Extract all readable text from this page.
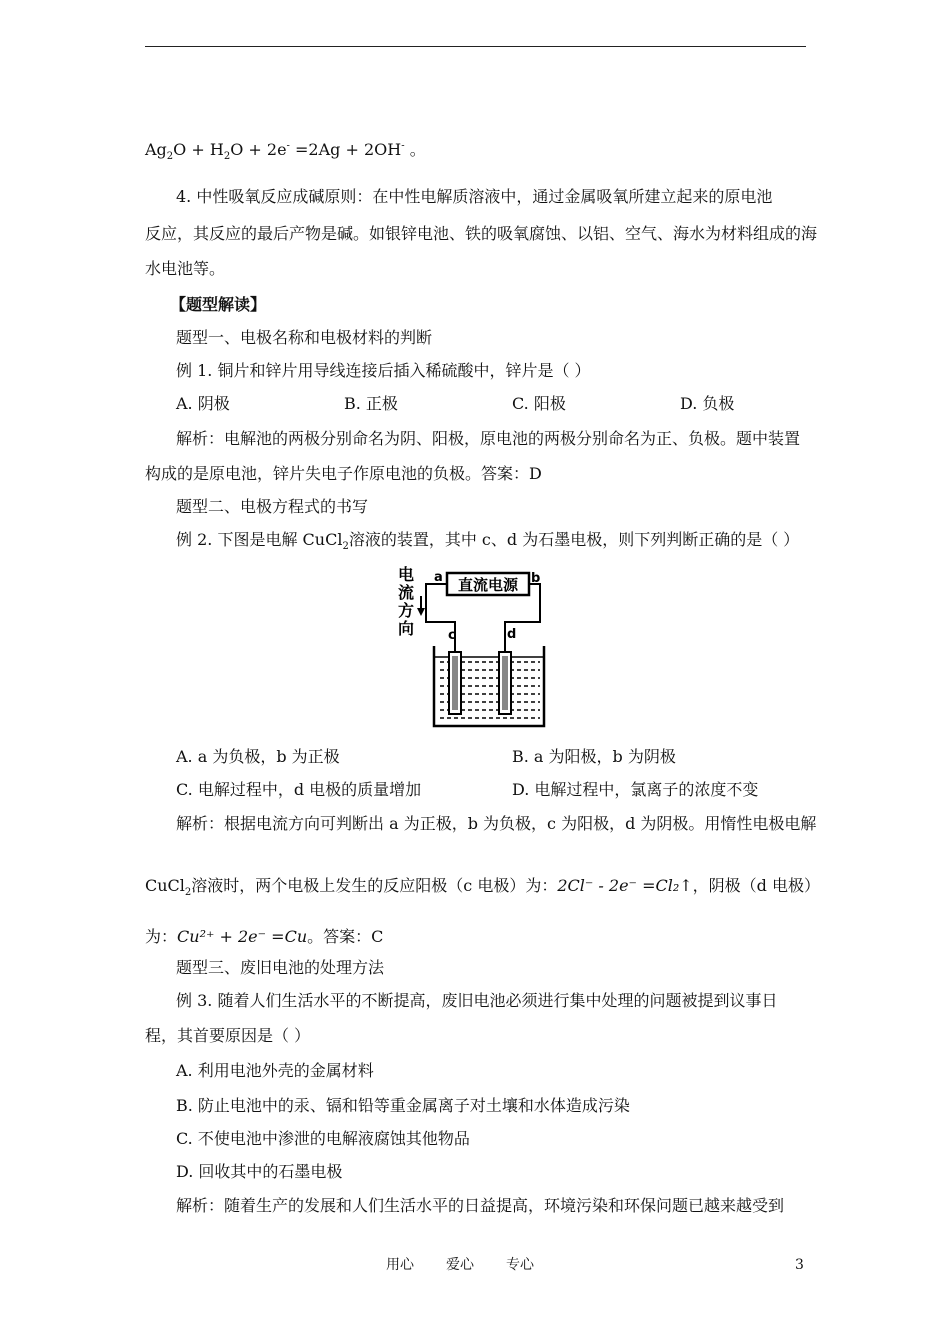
$Ag_2O + H_2O + 2e^- =2Ag + 2OH^-$ 。
4. 中性吸氧反应成碱原则：在中性电解质溶液中，通过金属吸氧所建立起来的原电池
反应，其反应的最后产物是碱。如银锌电池、铁的吸氧腐蚀、以铝、空气、海水为材料组成的海
水电池等。
【题型解读】
题型一、电极名称和电极材料的判断
例 1. 铜片和锌片用导线连接后插入稀硫酸中，锌片是（ ）
A. 阴极	B. 正极	C. 阳极	D. 负极
解析：电解池的两极分别命名为阴、阳极，原电池的两极分别命名为正、负极。题中装置
构成的是原电池，锌片失电子作原电池的负极。答案：D
题型二、电极方程式的书写
例 2. 下图是电解 CuCl$_2$溶液的装置，其中 c、d 为石墨电极，则下列判断正确的是（ ）
电
流
方
向
直流电源
a	b
c	d
A. a 为负极，b 为正极	B. a 为阳极，b 为阴极
C. 电解过程中，d 电极的质量增加	D. 电解过程中，氯离子的浓度不变
解析：根据电流方向可判断出 a 为正极，b 为负极，c 为阳极，d 为阴极。用惰性电极电解
CuCl$_2$溶液时，两个电极上发生的反应阳极（c 电极）为：2Cl⁻ - 2e⁻ =Cl₂↑，阴极（d 电极）
为：Cu²⁺ + 2e⁻ =Cu。答案：C
题型三、废旧电池的处理方法
例 3. 随着人们生活水平的不断提高，废旧电池必须进行集中处理的问题被提到议事日
程，其首要原因是（ ）
A. 利用电池外壳的金属材料
B. 防止电池中的汞、镉和铅等重金属离子对土壤和水体造成污染
C. 不使电池中渗泄的电解液腐蚀其他物品
D. 回收其中的石墨电极
解析：随着生产的发展和人们生活水平的日益提高，环境污染和环保问题已越来越受到
用心 爱心 专心	3
